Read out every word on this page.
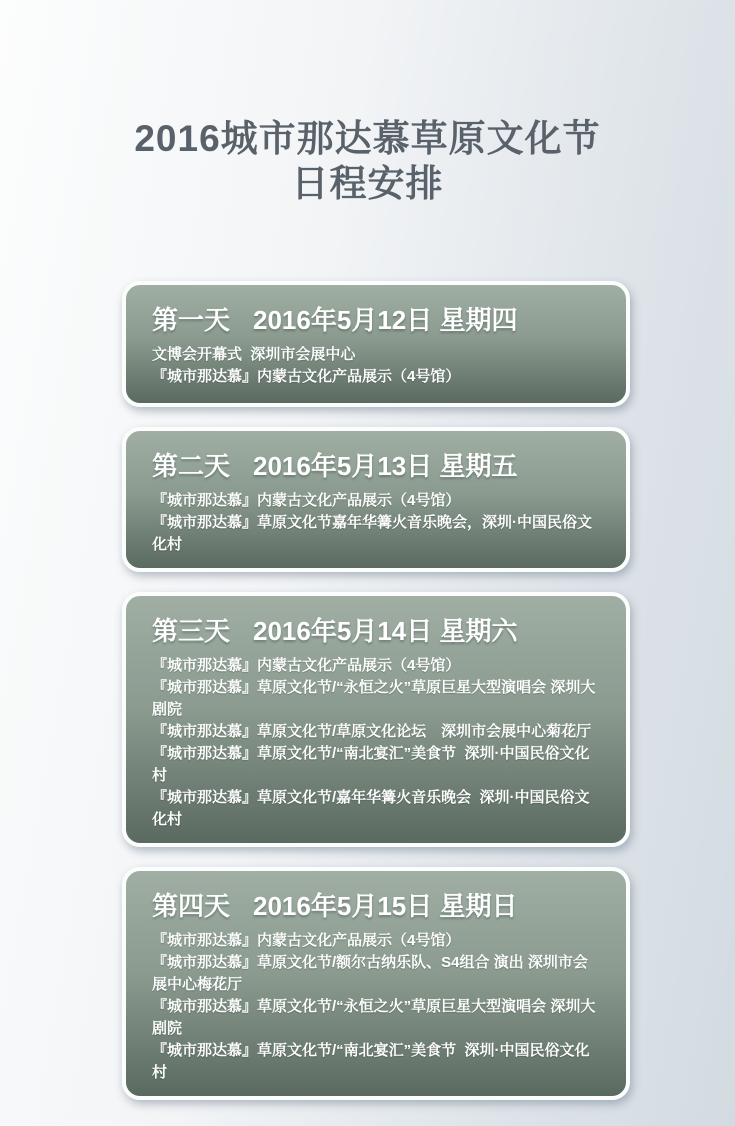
2016城市那达慕草原文化节
日程安排
第一天 2016年5月12日 星期四
文博会开幕式  深圳市会展中心
『城市那达慕』内蒙古文化产品展示（4号馆）
第二天 2016年5月13日 星期五
『城市那达慕』内蒙古文化产品展示（4号馆）
『城市那达慕』草原文化节嘉年华篝火音乐晚会，深圳·中国民俗文化村
第三天 2016年5月14日 星期六
『城市那达慕』内蒙古文化产品展示（4号馆）
『城市那达慕』草原文化节/“永恒之火”草原巨星大型演唱会 深圳大剧院
『城市那达慕』草原文化节/草原文化论坛　深圳市会展中心菊花厅
『城市那达慕』草原文化节/“南北宴汇”美食节  深圳·中国民俗文化村
『城市那达慕』草原文化节/嘉年华篝火音乐晚会  深圳·中国民俗文化村
第四天 2016年5月15日 星期日
『城市那达慕』内蒙古文化产品展示（4号馆）
『城市那达慕』草原文化节/额尔古纳乐队、S4组合 演出 深圳市会展中心梅花厅
『城市那达慕』草原文化节/“永恒之火”草原巨星大型演唱会 深圳大剧院
『城市那达慕』草原文化节/“南北宴汇”美食节  深圳·中国民俗文化村
